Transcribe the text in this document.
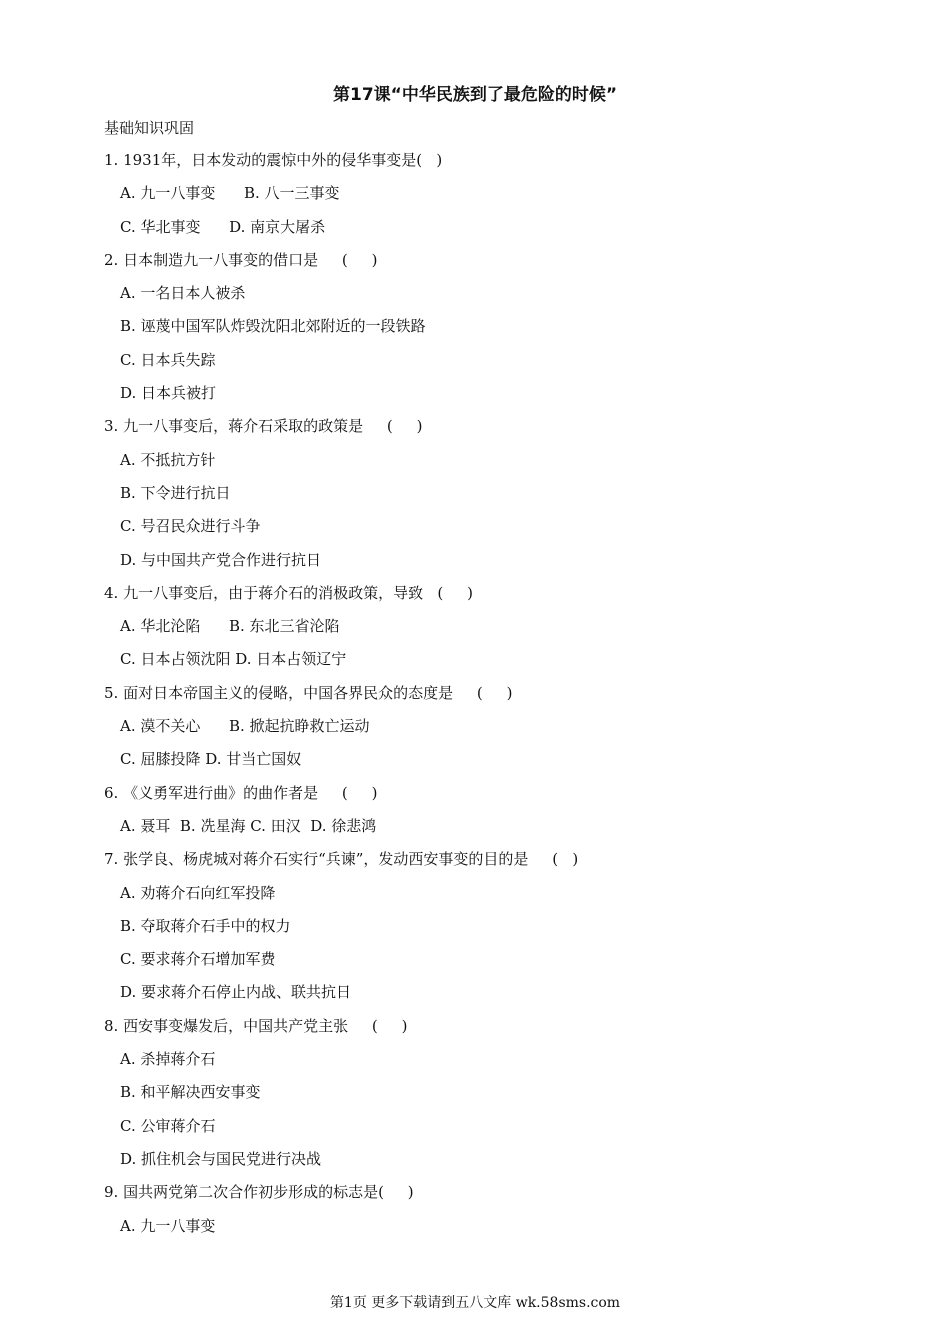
第17课“中华民族到了最危险的时候”
基础知识巩固
1. 1931年，日本发动的震惊中外的侵华事变是(   )
A. 九一八事变      B. 八一三事变
C. 华北事变      D. 南京大屠杀
2. 日本制造九一八事变的借口是     (     )
A. 一名日本人被杀
B. 诬蔑中国军队炸毁沈阳北郊附近的一段铁路
C. 日本兵失踪
D. 日本兵被打
3. 九一八事变后，蒋介石采取的政策是     (     )
A. 不抵抗方针
B. 下令进行抗日
C. 号召民众进行斗争
D. 与中国共产党合作进行抗日
4. 九一八事变后，由于蒋介石的消极政策，导致   (     )
A. 华北沦陷      B. 东北三省沦陷
C. 日本占领沈阳 D. 日本占领辽宁
5. 面对日本帝国主义的侵略，中国各界民众的态度是     (     )
A. 漠不关心      B. 掀起抗睁救亡运动
C. 屈膝投降 D. 甘当亡国奴
6. 《义勇军进行曲》的曲作者是     (     )
A. 聂耳  B. 冼星海 C. 田汉  D. 徐悲鸿
7. 张学良、杨虎城对蒋介石实行“兵谏”，发动西安事变的目的是     (   )
A. 劝蒋介石向红军投降
B. 夺取蒋介石手中的权力
C. 要求蒋介石增加军费
D. 要求蒋介石停止内战、联共抗日
8. 西安事变爆发后，中国共产党主张     (     )
A. 杀掉蒋介石
B. 和平解决西安事变
C. 公审蒋介石
D. 抓住机会与国民党进行决战
9. 国共两党第二次合作初步形成的标志是(     )
A. 九一八事变
第1页 更多下载请到五八文库 wk.58sms.com
